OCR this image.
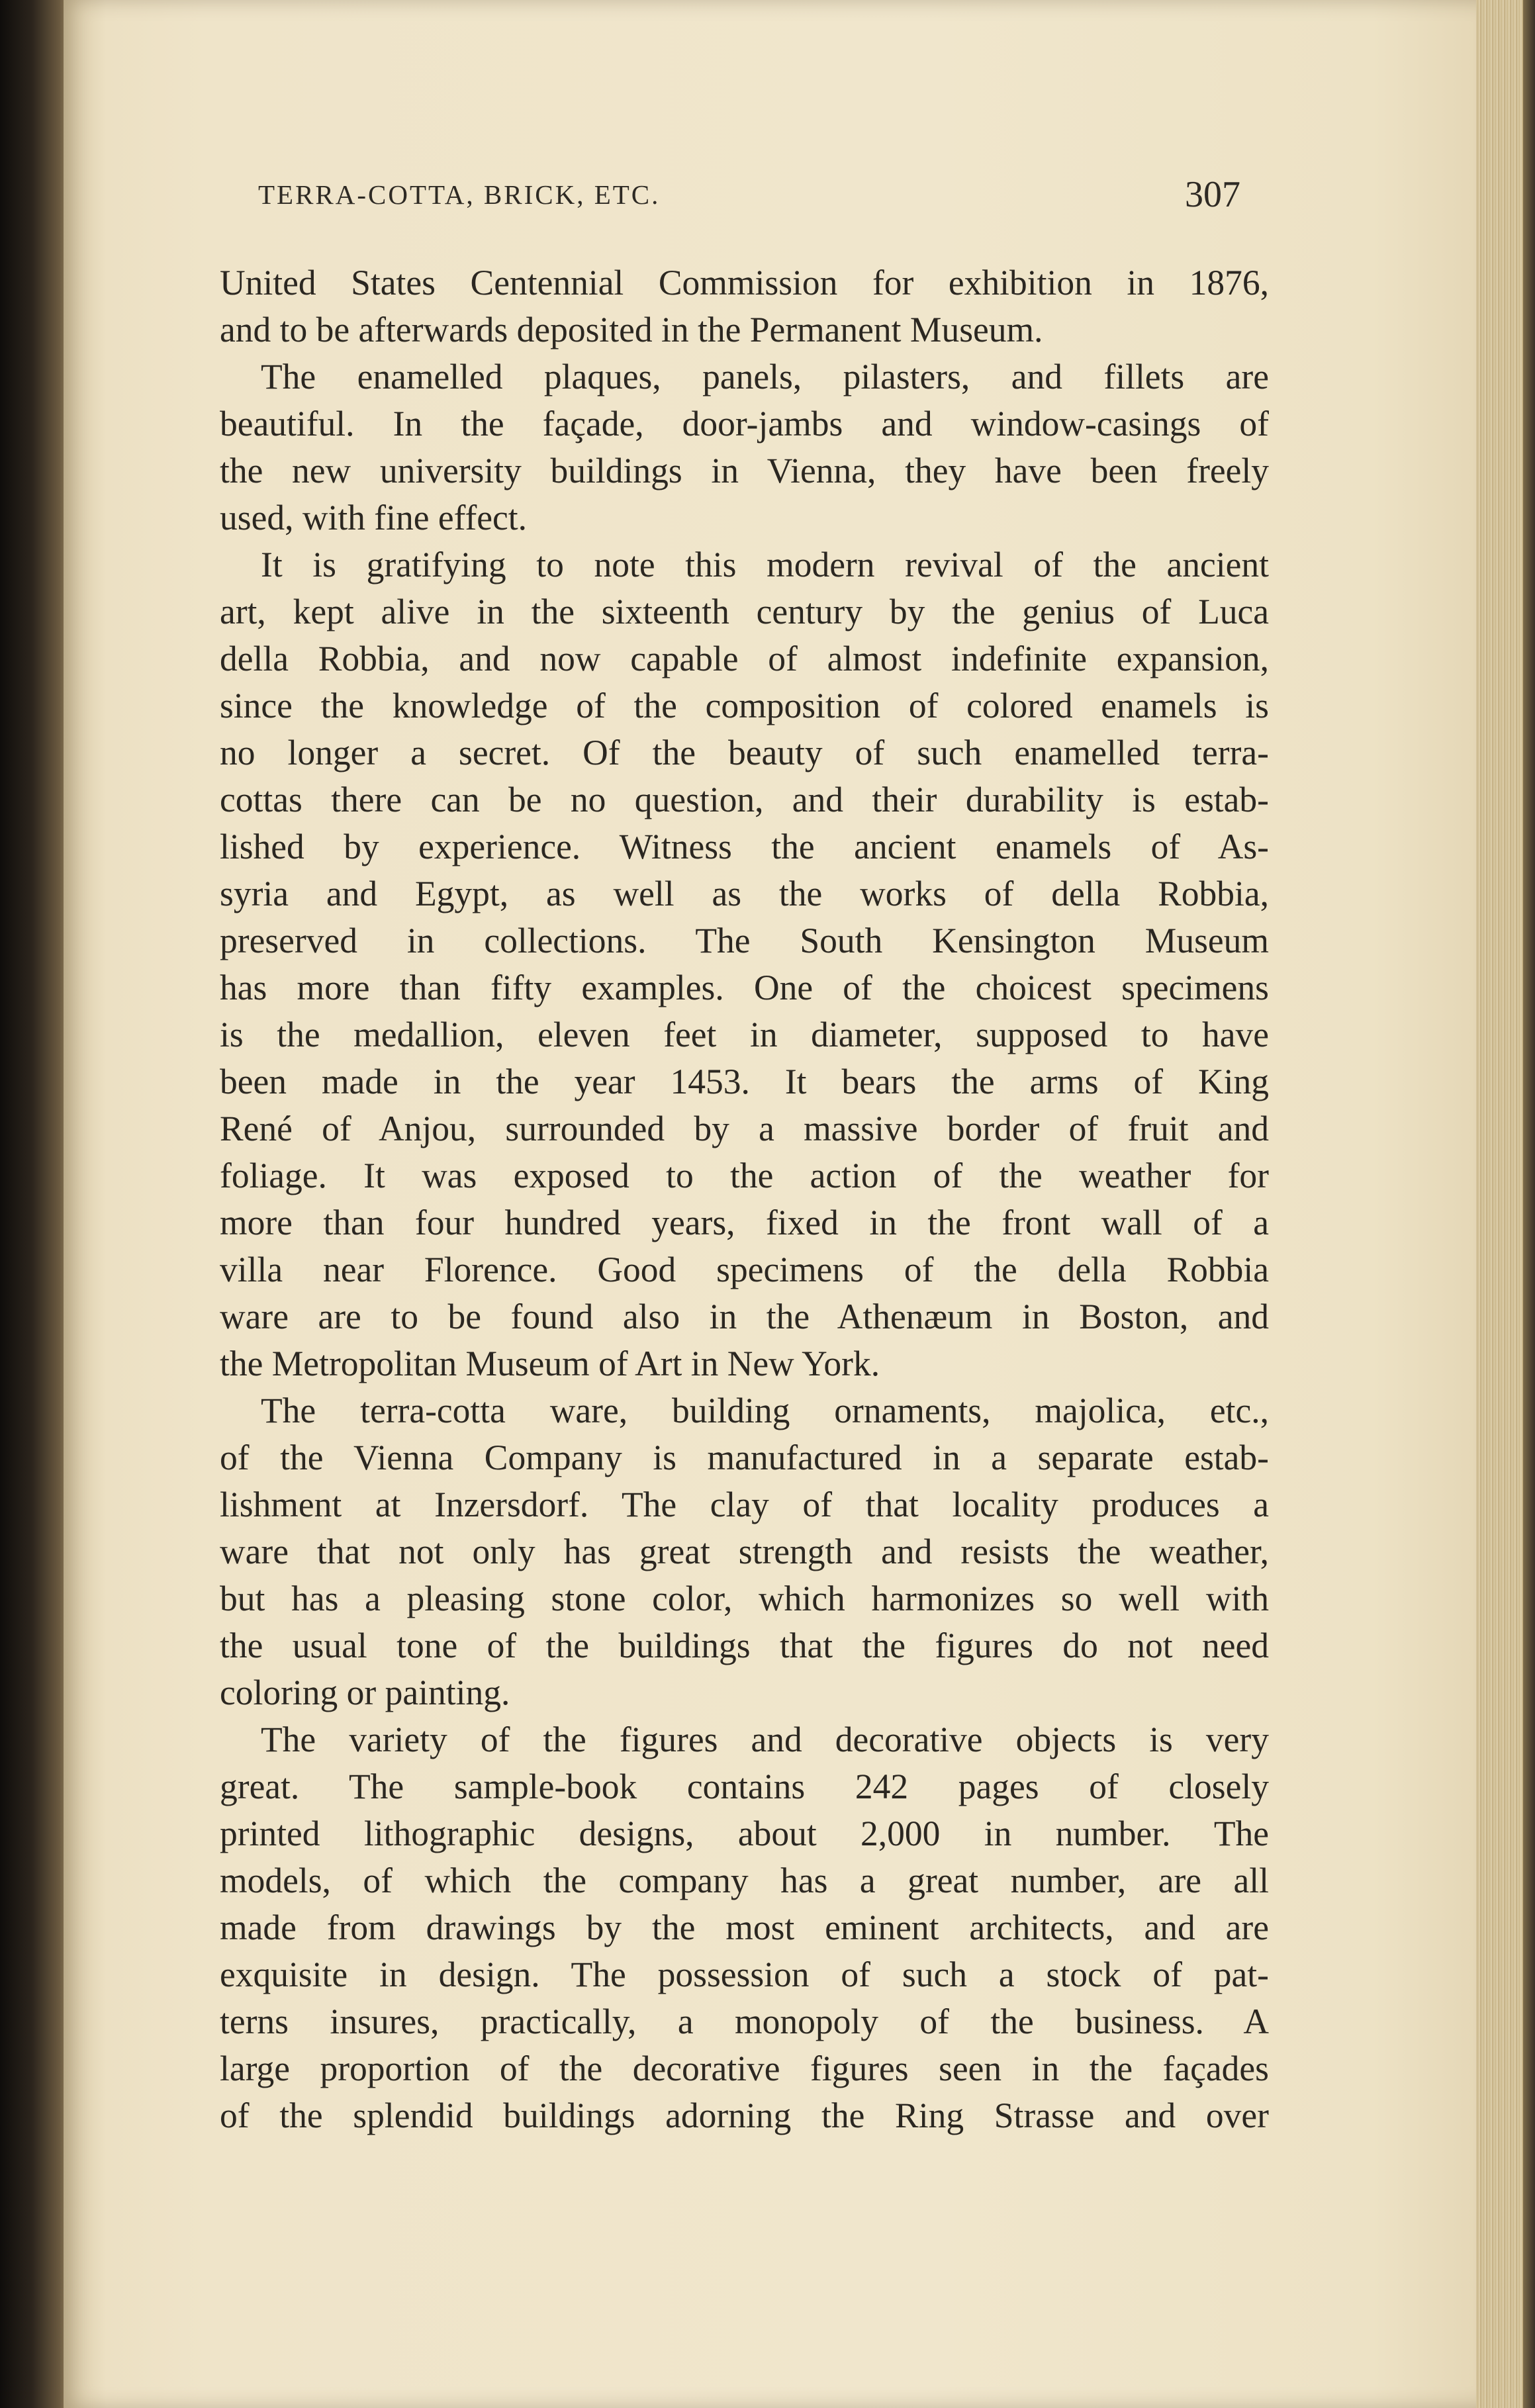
TERRA-COTTA, BRICK, ETC.	307

United States Centennial Commission for exhibition in 1876,
and to be afterwards deposited in the Permanent Museum.

The enamelled plaques, panels, pilasters, and fillets are
beautiful. In the façade, door-jambs and window-casings of
the new university buildings in Vienna, they have been freely
used, with fine effect.

It is gratifying to note this modern revival of the ancient
art, kept alive in the sixteenth century by the genius of Luca
della Robbia, and now capable of almost indefinite expansion,
since the knowledge of the composition of colored enamels is
no longer a secret. Of the beauty of such enamelled terra-
cottas there can be no question, and their durability is estab-
lished by experience. Witness the ancient enamels of As-
syria and Egypt, as well as the works of della Robbia,
preserved in collections. The South Kensington Museum
has more than fifty examples. One of the choicest specimens
is the medallion, eleven feet in diameter, supposed to have
been made in the year 1453. It bears the arms of King
René of Anjou, surrounded by a massive border of fruit and
foliage. It was exposed to the action of the weather for
more than four hundred years, fixed in the front wall of a
villa near Florence. Good specimens of the della Robbia
ware are to be found also in the Athenæum in Boston, and
the Metropolitan Museum of Art in New York.

The terra-cotta ware, building ornaments, majolica, etc.,
of the Vienna Company is manufactured in a separate estab-
lishment at Inzersdorf. The clay of that locality produces a
ware that not only has great strength and resists the weather,
but has a pleasing stone color, which harmonizes so well with
the usual tone of the buildings that the figures do not need
coloring or painting.

The variety of the figures and decorative objects is very
great. The sample-book contains 242 pages of closely
printed lithographic designs, about 2,000 in number. The
models, of which the company has a great number, are all
made from drawings by the most eminent architects, and are
exquisite in design. The possession of such a stock of pat-
terns insures, practically, a monopoly of the business. A
large proportion of the decorative figures seen in the façades
of the splendid buildings adorning the Ring Strasse and over
